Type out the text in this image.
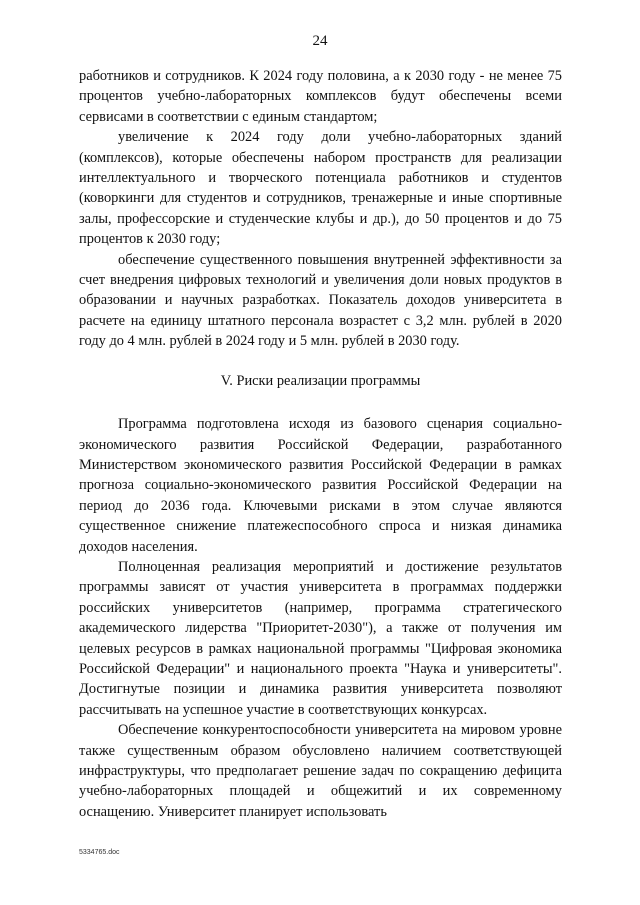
24

работников и сотрудников. К 2024 году половина, а к 2030 году - не менее 75 процентов учебно-лабораторных комплексов будут обеспечены всеми сервисами в соответствии с единым стандартом;

увеличение к 2024 году доли учебно-лабораторных зданий (комплексов), которые обеспечены набором пространств для реализации интеллектуального и творческого потенциала работников и студентов (коворкинги для студентов и сотрудников, тренажерные и иные спортивные залы, профессорские и студенческие клубы и др.), до 50 процентов и до 75 процентов к 2030 году;

обеспечение существенного повышения внутренней эффективности за счет внедрения цифровых технологий и увеличения доли новых продуктов в образовании и научных разработках. Показатель доходов университета в расчете на единицу штатного персонала возрастет с 3,2 млн. рублей в 2020 году до 4 млн. рублей в 2024 году и 5 млн. рублей в 2030 году.

V. Риски реализации программы

Программа подготовлена исходя из базового сценария социально-экономического развития Российской Федерации, разработанного Министерством экономического развития Российской Федерации в рамках прогноза социально-экономического развития Российской Федерации на период до 2036 года. Ключевыми рисками в этом случае являются существенное снижение платежеспособного спроса и низкая динамика доходов населения.

Полноценная реализация мероприятий и достижение результатов программы зависят от участия университета в программах поддержки российских университетов (например, программа стратегического академического лидерства "Приоритет-2030"), а также от получения им целевых ресурсов в рамках национальной программы "Цифровая экономика Российской Федерации" и национального проекта "Наука и университеты". Достигнутые позиции и динамика развития университета позволяют рассчитывать на успешное участие в соответствующих конкурсах.

Обеспечение конкурентоспособности университета на мировом уровне также существенным образом обусловлено наличием соответствующей инфраструктуры, что предполагает решение задач по сокращению дефицита учебно-лабораторных площадей и общежитий и их современному оснащению. Университет планирует использовать

5334765.doc
